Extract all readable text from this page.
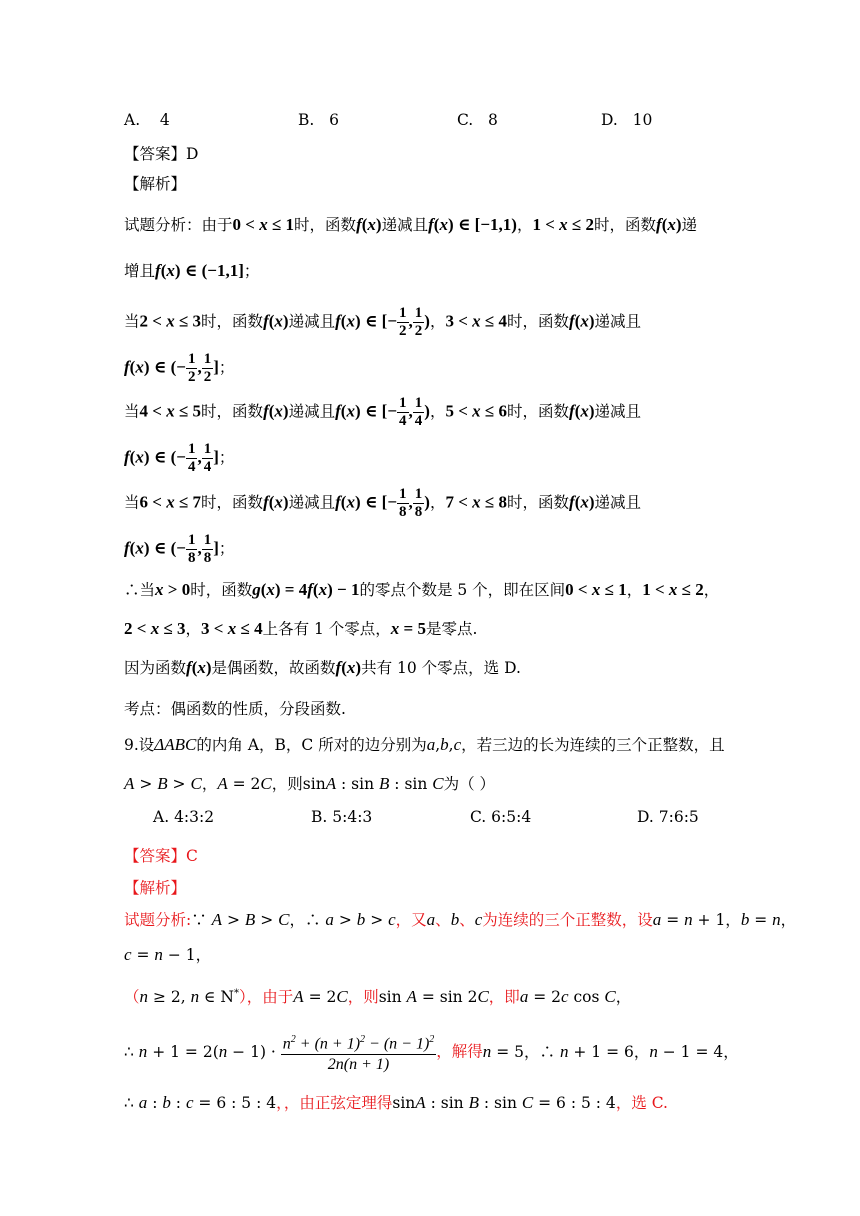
A. 4	B. 6	C. 8	D. 10
【答案】D
【解析】
试题分析：由于0 < x ≤ 1时，函数f(x)递减且f(x) ∈ [−1,1)，1 < x ≤ 2时，函数f(x)递
增且f(x) ∈ (−1,1]；
当2 < x ≤ 3时，函数f(x)递减且f(x) ∈ [− $\frac{1}{2}$ , $\frac{1}{2}$ )，3 < x ≤ 4时，函数f(x)递减且
f(x) ∈ (− $\frac{1}{2}$ , $\frac{1}{2}$ ]；
当4 < x ≤ 5时，函数f(x)递减且f(x) ∈ [− $\frac{1}{4}$ , $\frac{1}{4}$ )，5 < x ≤ 6时，函数f(x)递减且
f(x) ∈ (− $\frac{1}{4}$ , $\frac{1}{4}$ ]；
当6 < x ≤ 7时，函数f(x)递减且f(x) ∈ [− $\frac{1}{8}$ , $\frac{1}{8}$ )，7 < x ≤ 8时，函数f(x)递减且
f(x) ∈ (− $\frac{1}{8}$ , $\frac{1}{8}$ ]；
∴当x > 0时，函数g(x) = 4f(x) − 1的零点个数是 5 个，即在区间0 < x ≤ 1，1 < x ≤ 2，
2 < x ≤ 3，3 < x ≤ 4上各有 1 个零点，x = 5是零点.
因为函数f(x)是偶函数，故函数f(x)共有 10 个零点，选 D.
考点：偶函数的性质，分段函数.
9.设ΔABC的内角 A，B，C 所对的边分别为a,b,c，若三边的长为连续的三个正整数，且
A > B > C，A = 2C，则sinA : sin B : sin C为（ ）
A. 4:3:2	B. 5:4:3	C. 6:5:4	D. 7:6:5
【答案】C
【解析】
试题分析:∵ A > B > C，∴ a > b > c，又a、b、c为连续的三个正整数，设a = n + 1，b = n，
c = n − 1，
（n ≥ 2, n ∈ N*），由于A = 2C，则sin A = sin 2C，即a = 2c cos C，
∴ $n + 1 = 2(n - 1) \cdot \frac{n^2 + (n + 1)^2 - (n - 1)^2}{2n(n + 1)}$ ，解得n = 5，∴ n + 1 = 6，n − 1 = 4，
∴ a : b : c = 6 : 5 : 4，，由正弦定理得sinA : sin B : sin C = 6 : 5 : 4，选 C.
